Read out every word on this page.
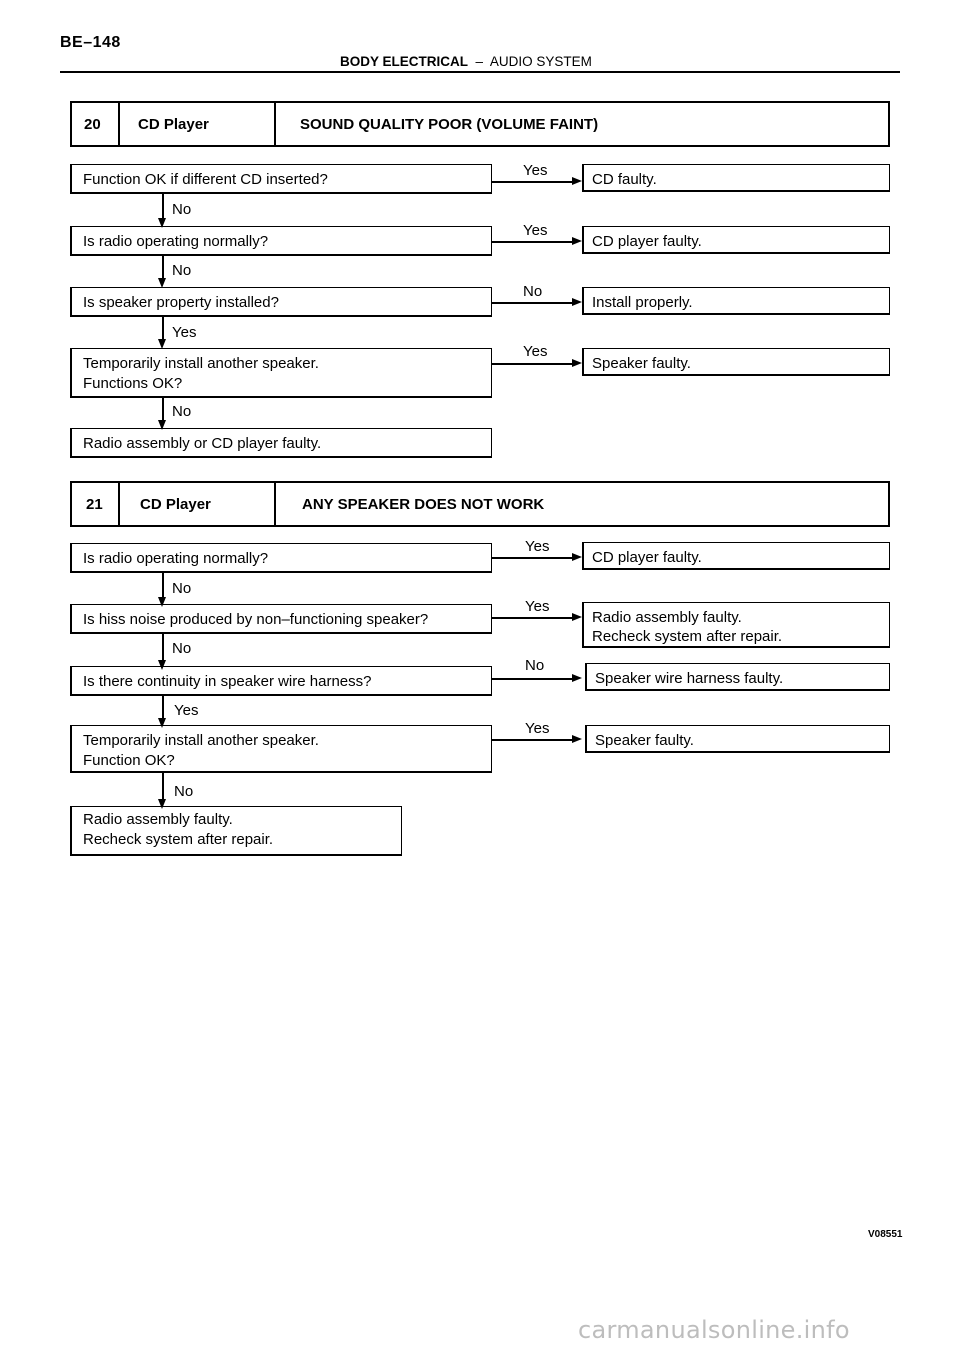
BE–148
BODY ELECTRICAL – AUDIO SYSTEM
20 CD Player	SOUND QUALITY POOR (VOLUME FAINT)
Function OK if different CD inserted?
Yes
CD faulty.
No
Is radio operating normally?
Yes
CD player faulty.
No
Is speaker property installed?
No
Install properly.
Yes
Temporarily install another speaker.
Functions OK?
Yes
Speaker faulty.
No
Radio assembly or CD player faulty.
21 CD Player	ANY SPEAKER DOES NOT WORK
Is radio operating normally?
Yes
CD player faulty.
No
Is hiss noise produced by non–functioning speaker?
Yes
Radio assembly faulty.
Recheck system after repair.
No
Is there continuity in speaker wire harness?
No
Speaker wire harness faulty.
Yes
Temporarily install another speaker.
Function OK?
Yes
Speaker faulty.
No
Radio assembly faulty.
Recheck system after repair.
V08551
carmanualsonline.info
